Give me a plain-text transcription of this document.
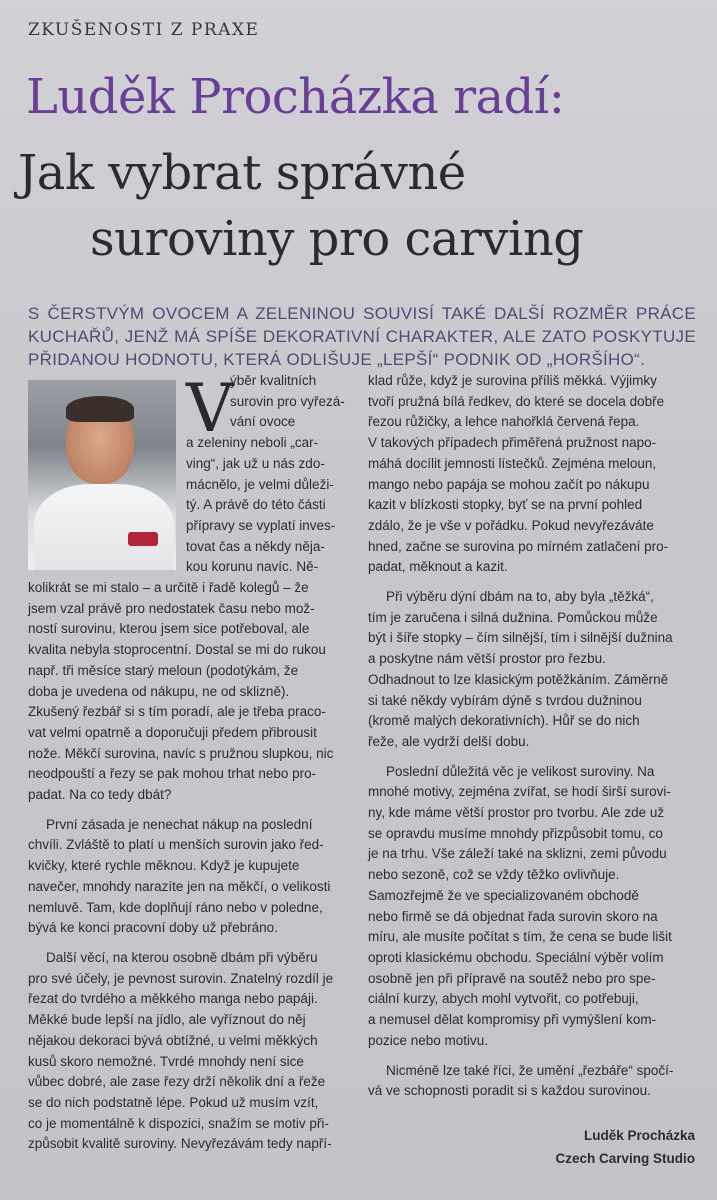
ZKUŠENOSTI Z PRAXE
Luděk Procházka radí:
Jak vybrat správné
suroviny pro carving
S ČERSTVÝM OVOCEM A ZELENINOU SOUVISÍ TAKÉ DALŠÍ ROZMĚR PRÁCE KUCHAŘŮ, JENŽ MÁ SPÍŠE DEKORATIVNÍ CHARAKTER, ALE ZATO POSKYTUJE PŘIDANOU HODNOTU, KTERÁ ODLIŠUJE „LEPŠÍ“ PODNIK OD „HORŠÍHO“.
V
ýběr kvalitních
surovin pro vyřezá-
vání ovoce
a zeleniny neboli „car-
ving“, jak už u nás zdo-
mácnělo, je velmi důleži-
tý. A právě do této části
přípravy se vyplatí inves-
tovat čas a někdy něja-
kou korunu navíc. Ně-
kolikrát se mi stalo – a určitě i řadě kolegů – že
jsem vzal právě pro nedostatek času nebo mož-
ností surovinu, kterou jsem sice potřeboval, ale
kvalita nebyla stoprocentní. Dostal se mi do rukou
např. tři měsíce starý meloun (podotýkám, že
doba je uvedena od nákupu, ne od sklizně).
Zkušený řezbář si s tím poradí, ale je třeba praco-
vat velmi opatrně a doporučuji předem přibrousit
nože. Měkčí surovina, navíc s pružnou slupkou, nic
neodpouští a řezy se pak mohou trhat nebo pro-
padat. Na co tedy dbát?
První zásada je nenechat nákup na poslední
chvíli. Zvláště to platí u menších surovin jako řed-
kvičky, které rychle měknou. Když je kupujete
navečer, mnohdy narazíte jen na měkčí, o velikosti
nemluvě. Tam, kde doplňují ráno nebo v poledne,
bývá ke konci pracovní doby už přebráno.
Další věcí, na kterou osobně dbám při výběru
pro své účely, je pevnost surovin. Znatelný rozdíl je
řezat do tvrdého a měkkého manga nebo papáji.
Měkké bude lepší na jídlo, ale vyříznout do něj
nějakou dekoraci bývá obtížné, u velmi měkkých
kusů skoro nemožné. Tvrdé mnohdy není sice
vůbec dobré, ale zase řezy drží několik dní a řeže
se do nich podstatně lépe. Pokud už musím vzít,
co je momentálně k dispozici, snažím se motiv při-
způsobit kvalitě suroviny. Nevyřezávám tedy napří-
klad růže, když je surovina příliš měkká. Výjimky
tvoří pružná bílá ředkev, do které se docela dobře
řezou růžičky, a lehce nahořklá červená řepa.
V takových případech přiměřená pružnost napo-
máhá docílit jemnosti lístečků. Zejména meloun,
mango nebo papája se mohou začít po nákupu
kazit v blízkosti stopky, byť se na první pohled
zdálo, že je vše v pořádku. Pokud nevyřezáváte
hned, začne se surovina po mírném zatlačení pro-
padat, měknout a kazit.
Při výběru dýní dbám na to, aby byla „těžká“,
tím je zaručena i silná dužnina. Pomůckou může
být i šíře stopky – čím silnější, tím i silnější dužnina
a poskytne nám větší prostor pro řezbu.
Odhadnout to lze klasickým potěžkáním. Záměrně
si také někdy vybírám dýně s tvrdou dužninou
(kromě malých dekorativních). Hůř se do nich
řeže, ale vydrží delší dobu.
Poslední důležitá věc je velikost suroviny. Na
mnohé motivy, zejména zvířat, se hodí širší surovi-
ny, kde máme větší prostor pro tvorbu. Ale zde už
se opravdu musíme mnohdy přizpůsobit tomu, co
je na trhu. Vše záleží také na sklizni, zemi původu
nebo sezoně, což se vždy těžko ovlivňuje.
Samozřejmě že ve specializovaném obchodě
nebo firmě se dá objednat řada surovin skoro na
míru, ale musíte počítat s tím, že cena se bude lišit
oproti klasickému obchodu. Speciální výběr volím
osobně jen při přípravě na soutěž nebo pro spe-
ciální kurzy, abych mohl vytvořit, co potřebuji,
a nemusel dělat kompromisy při vymýšlení kom-
pozice nebo motivu.
Nicméně lze také říci, že umění „řezbáře“ spočí-
vá ve schopnosti poradit si s každou surovinou.
Luděk Procházka
Czech Carving Studio
